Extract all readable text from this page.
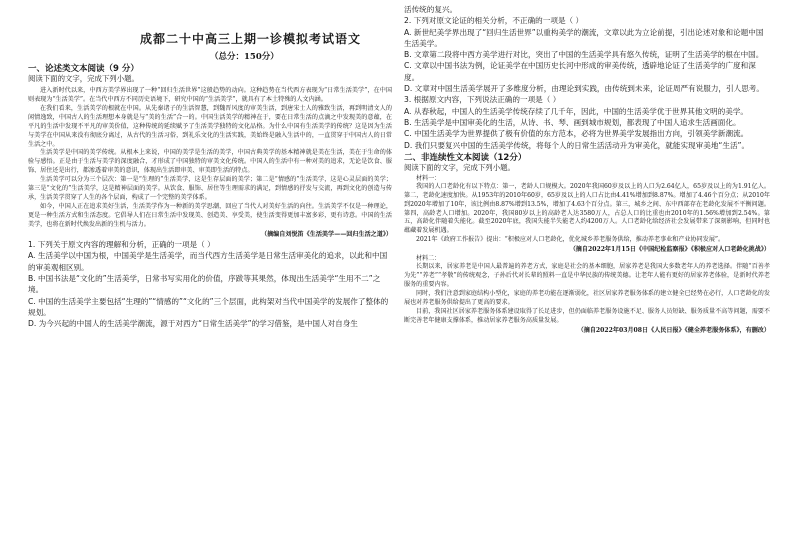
成都二十中高三上期一诊模拟考试语文
（总分：150分）

一、论述类文本阅读（9 分）

阅读下面的文字，完成下列小题。

进入新时代以来，中西方美学界出现了一种“回归生活世界”这般趋势的动向。这种趋势在当代西方表现为“日常生活美学”，在中国则表现为“生活美学”。在当代中西方不同历史语境下，研究中国的“生活美学”，就具有了本土特殊的人文内涵。

在我们看来，生活美学的根就在中国。从先秦诸子的生活智慧，到魏晋风度的审美生活，到唐宋士人的雅致生活，再到明清文人的闲情逸致，中国古人的生活理想本身就是与“美的生活”合一的。中国生活美学的精神在于，要在日常生活的点滴之中发现美的意蕴，在平凡的生活中发现不平凡的审美价值，这种传统的延续赋予了生活美学独特的文化品格。为什么中国有生活美学的传统？这是因为生活与美学在中国从来没有彻底分离过，从古代的生活习俗，到礼乐文化的生活实践，美始终是融入生活中的，一直贯穿于中国古人的日常生活之中。

生活美学是中国的美学传统。从根本上来说，中国的美学是生活的美学，中国古典美学的基本精神就是美在生活，美在于生命的体验与感悟。正是由于生活与美学的深度融合，才形成了中国独特的审美文化传统。中国人的生活中有一种对美的追求，无论是饮食、服饰、居住还是出行，都渗透着审美的意识，体现出生活即审美、审美即生活的特点。

生活美学可以分为三个层次：第一是“生理的”生活美学，这是生存层面的美学；第二是“情感的”生活美学，这是心灵层面的美学；第三是“文化的”生活美学，这是精神层面的美学。从饮食、服饰、居住等生理需求的满足，到情感的抒发与交流，再到文化的创造与传承，生活美学贯穿了人生的各个层面，构成了一个完整的美学体系。

如今，中国人正在追求美好生活，生活美学作为一种新的美学思潮，回应了当代人对美好生活的向往。生活美学不仅是一种理论，更是一种生活方式和生活态度。它倡导人们在日常生活中发现美、创造美、享受美，使生活变得更加丰富多彩，更有诗意。中国的生活美学，也将在新时代焕发出新的生机与活力。

（摘编自刘悦笛《生活美学——回归生活之道》）

1. 下列关于原文内容的理解和分析，正确的一项是（ ）

A. 生活美学以中国为根，中国美学是生活美学，而当代西方生活美学是日常生活审美化的追求，以此和中国的审美观相区别。

B. 中国书法是“文化的”生活美学，日常书写实用化的价值，序跋等其果然，体现出生活美学“生用不二”之境。

C. 中国的生活美学主要包括“生理的”“情感的”“文化的”三个层面，此构架对当代中国美学的发展作了整体的规划。

D. 为今兴起的中国人的生活美学潮流，源于对西方“日常生活美学”的学习借鉴，是中国人对自身生

活传统的复兴。

2. 下列对原文论证的相关分析，不正确的一项是（ ）

A. 新世纪美学界出现了“回归生活世界”以重构美学的潮流，文章以此为立论前提，引出论述对象和论题中国生活美学。

B. 文章第二段将中西方美学进行对比，突出了中国的生活美学具有悠久传统，证明了生活美学的根在中国。

C. 文章以中国书法为例，论证美学在中国历史长河中形成的审美传统，透辟地论证了生活美学的广度和深度。

D. 文章对中国生活美学展开了多维度分析，由理论到实践，由传统到未来，论证周严有说服力，引人思考。

3. 根据原文内容，下列说法正确的一项是（ ）

A. 从春秋起，中国人的生活美学传统存续了几千年，因此，中国的生活美学优于世界其他文明的美学。

B. 生活美学是中国审美化的生活，从诗、书、琴、画到城市规划，都表现了中国人追求生活画面化。

C. 中国生活美学为世界提供了极有价值的东方范本，必将为世界美学发展指出方向，引领美学新潮流。

D. 我们只要复兴中国的生活美学传统，将每个人的日常生活活动升为审美化，就能实现审美地“生活”。

二、非连续性文本阅读（12分）

阅读下面的文字，完成下列小题。

材料一：

我国的人口老龄化有以下特点：第一，老龄人口规模大。2020年我国60岁及以上的人口为2.64亿人，65岁及以上的为1.91亿人。第二，老龄化速度加快。从1953年的2010年60岁，65岁及以上的人口占比由4.41%增加到8.87%。增加了4.46个百分点；从2010年到2020年增加了10年，该比例由8.87%增到13.5%，增加了4.63个百分点。第三，城乡之间、东中西部存在老龄化发展不平衡问题。第四，高龄老人口增加。2020年，我国80岁以上的高龄老人达3580万人，占总人口的比重也由2010年的1.56%增加到2.54%。第五，高龄化伴随着失能化。截至2020年底，我国失能半失能老人约4200万人。人口老龄化给经济社会发展带来了深刻影响，但同时也蕴藏着发展机遇。

2021年《政府工作报告》提出：“积极应对人口老龄化，优化城乡养老服务供给，推动养老事业和产业协同发展”。

（摘自2022年1月15日《中国纪检监察报》《积极应对人口老龄化挑战》）

材料二：

长期以来，居家养老是中国人最普遍的养老方式，家庭是社会的基本细胞，居家养老是我国大多数老年人的养老选择。伴随“百善孝为先”“养老”“孝敬”的传统观念，子孙后代对长辈的照料一直是中华民族的传统美德。让老年人能有更好的居家养老体验，是新时代养老服务的重要内容。

同时，我们注意到家庭结构小型化，家庭的养老功能在逐渐弱化，社区居家养老服务体系的建立健全已经势在必行，人口老龄化的发展也对养老服务供给提出了更高的要求。

目前，我国社区居家养老服务体系建设取得了长足进步，但仍面临养老服务设施不足、服务人员短缺、服务质量不高等问题，需要不断完善老年健康支撑体系，推动居家养老服务高质量发展。

（摘自2022年03月08日《人民日报》《健全养老服务体系》，有删改）
